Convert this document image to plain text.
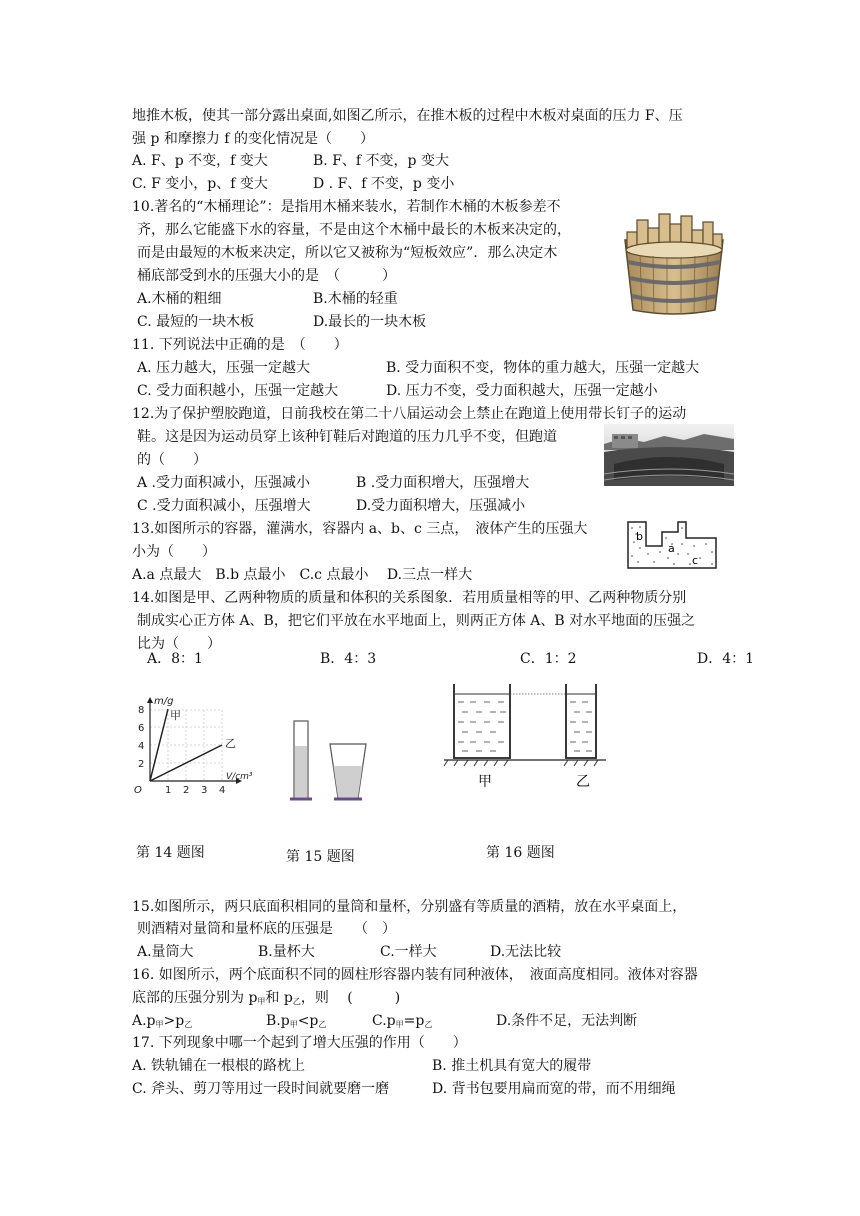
地推木板，使其一部分露出桌面,如图乙所示，在推木板的过程中木板对桌面的压力 F、压
强 p 和摩擦力 f 的变化情况是（　　）
A. F、p 不变，f 变大	B. F、f 不变，p 变大
C. F 变小，p、f 变大	D . F、f 不变，p 变小
10.著名的“木桶理论”：是指用木桶来装水，若制作木桶的木板参差不
齐，那么它能盛下水的容量，不是由这个木桶中最长的木板来决定的，
而是由最短的木板来决定，所以它又被称为“短板效应”．那么决定木
桶底部受到水的压强大小的是　（　　　）
A.木桶的粗细	B.木桶的轻重
C. 最短的一块木板	D.最长的一块木板
11. 下列说法中正确的是　（　　）
A. 压力越大，压强一定越大	B. 受力面积不变，物体的重力越大，压强一定越大
C. 受力面积越小，压强一定越大	D. 压力不变，受力面积越大，压强一定越小
12.为了保护塑胶跑道，日前我校在第二十八届运动会上禁止在跑道上使用带长钉子的运动
鞋。这是因为运动员穿上该种钉鞋后对跑道的压力几乎不变，但跑道
的（　　）
A .受力面积减小，压强减小	B .受力面积增大，压强增大
C .受力面积减小，压强增大	D.受力面积增大，压强减小
13.如图所示的容器，灌满水，容器内 a、b、c 三点，　液体产生的压强大
小为（　　）
A.a 点最大　B.b 点最小　C.c 点最小　 D.三点一样大
b
a
c
14.如图是甲、乙两种物质的质量和体积的关系图象．若用质量相等的甲、乙两种物质分别
制成实心正方体 A、B，把它们平放在水平地面上，则两正方体 A、B 对水平地面的压强之
比为（　　）
A．8：1	B．4：3	C．1：2	D．4：1
m/g
V/cm³
O
2
4
6
8
1 2 3 4
甲
乙
甲	乙
第 14 题图	第 15 题图	第 16 题图
15.如图所示，两只底面积相同的量筒和量杯，分别盛有等质量的酒精，放在水平桌面上，
则酒精对量筒和量杯底的压强是　　（　）
A.量筒大	B.量杯大	C.一样大	D.无法比较
16. 如图所示，两个底面积不同的圆柱形容器内装有同种液体，　液面高度相同。液体对容器
底部的压强分别为 $p_甲$和 $p_乙$，则　 (　　　)
$A.p_甲>p_乙$	$B.p_甲<p_乙$	$C.p_甲=p_乙$	D.条件不足，无法判断
17. 下列现象中哪一个起到了增大压强的作用（　　）
A. 铁轨铺在一根根的路枕上	B. 推土机具有宽大的履带
C. 斧头、剪刀等用过一段时间就要磨一磨	D. 背书包要用扁而宽的带，而不用细绳
